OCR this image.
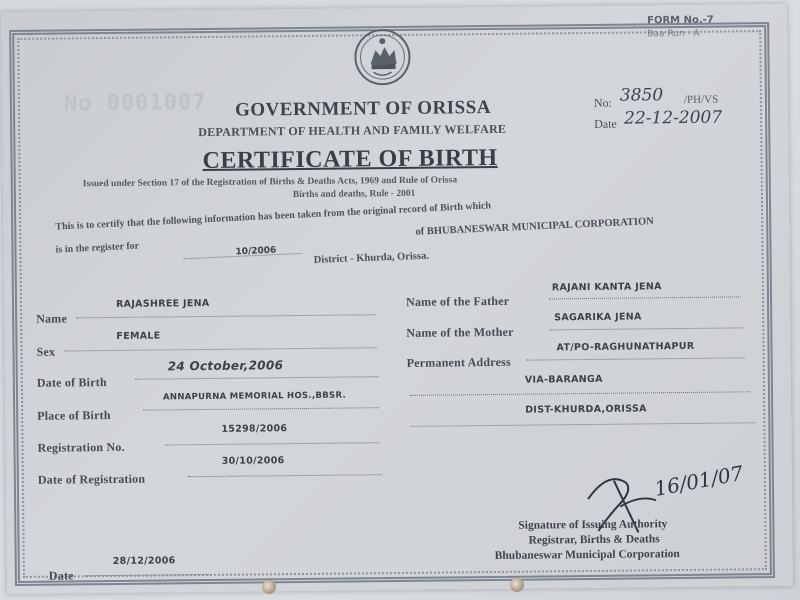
FORM No.-7
Baa Run - A
No 0001007 GOVERNMENT OF ORISSA
DEPARTMENT OF HEALTH AND FAMILY WELFARE
CERTIFICATE OF BIRTH
No: 3850 /PH/VS
Date 22-12-2007
Issued under Section 17 of the Registration of Births & Deaths Acts, 1969 and Rule of Orissa
Births and deaths, Rule - 2001
This is to certify that the following information has been taken from the original record of Birth which
is in the register for	10/2006
of BHUBANESWAR MUNICIPAL CORPORATION
District - Khurda, Orissa.
Name
RAJASHREE JENA
Sex
FEMALE
Date of Birth
24 October,2006
Place of Birth
ANNAPURNA MEMORIAL HOS.,BBSR.
Registration No.
15298/2006
Date of Registration
30/10/2006
Name of the Father
RAJANI KANTA JENA
Name of the Mother
SAGARIKA JENA
Permanent Address
AT/PO-RAGHUNATHAPUR
VIA-BARANGA
DIST-KHURDA,ORISSA
16/01/07
Signature of Issuing Authority
Registrar, Births & Deaths
Bhubaneswar Municipal Corporation
Date
28/12/2006
